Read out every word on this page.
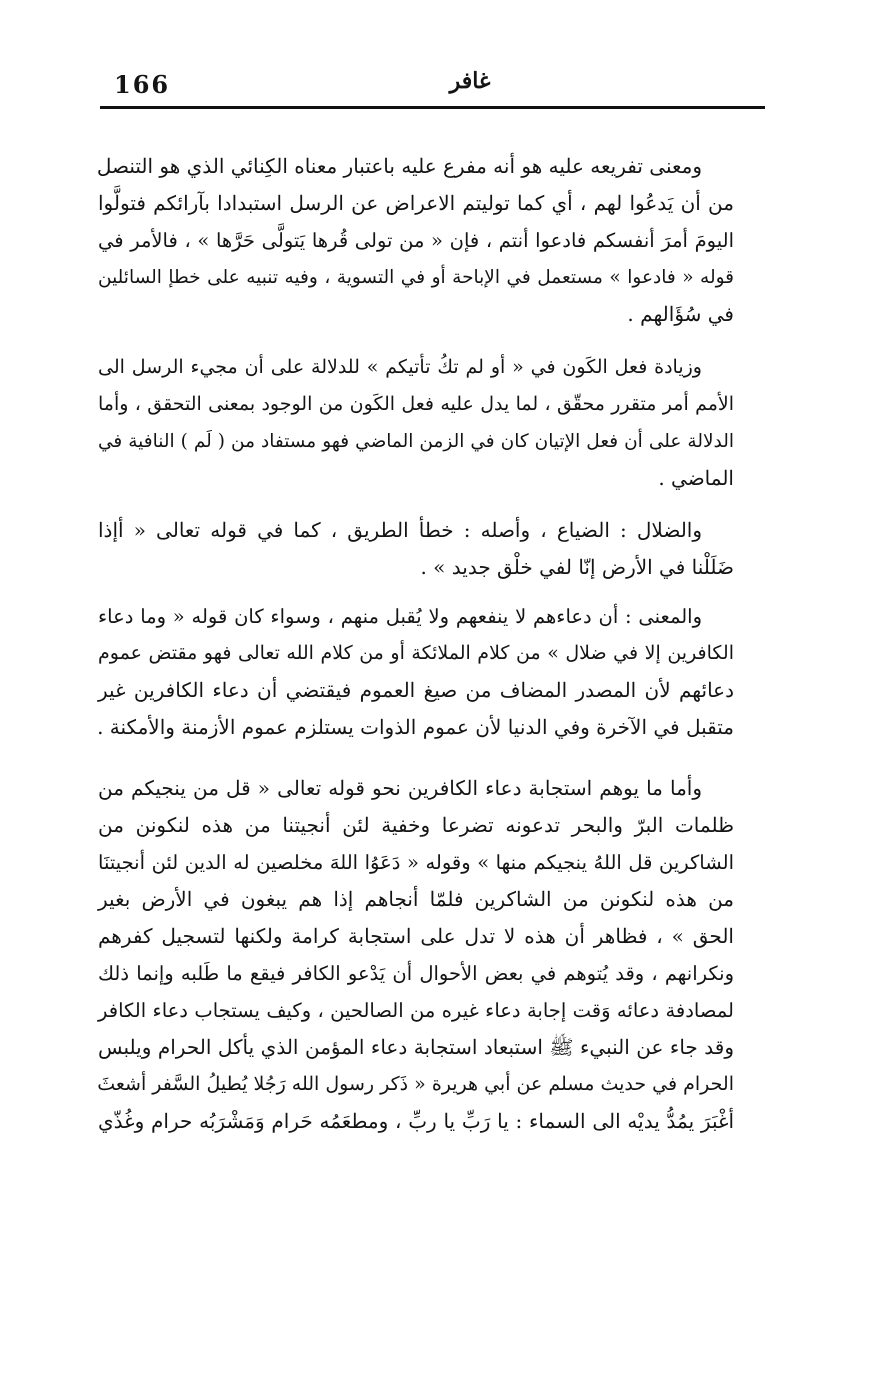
166	غافر
ومعنى تفريعه عليه هو أنه مفرع عليه باعتبار معناه الكِنائي الذي هو التنصل
من أن يَدعُوا لهم ، أي كما توليتم الاعراض عن الرسل استبدادا بآرائكم فتولَّوا
اليومَ أمرَ أنفسكم فادعوا أنتم ، فإن « من تولى قُرها يَتولَّى حَرَّها » ، فالأمر في
قوله « فادعوا » مستعمل في الإباحة أو في التسوية ، وفيه تنبيه على خطإ السائلين
في سُؤَالهم .
وزيادة فعل الكَون في « أو لم تكُ تأتيكم » للدلالة على أن مجيء الرسل الى
الأمم أمر متقرر محقّق ، لما يدل عليه فعل الكَون من الوجود بمعنى التحقق ، وأما
الدلالة على أن فعل الإتيان كان في الزمن الماضي فهو مستفاد من ( لَم ) النافية في
الماضي .
والضلال : الضياع ، وأصله : خطأ الطريق ، كما في قوله تعالى « أإذا
ضَلَلْنا في الأرض إنّا لفي خلْق جديد » .
والمعنى : أن دعاءهم لا ينفعهم ولا يُقبل منهم ، وسواء كان قوله « وما دعاء
الكافرين إلا في ضلال » من كلام الملائكة أو من كلام الله تعالى فهو مقتض عموم
دعائهم لأن المصدر المضاف من صيغ العموم فيقتضي أن دعاء الكافرين غير
متقبل في الآخرة وفي الدنيا لأن عموم الذوات يستلزم عموم الأزمنة والأمكنة .
وأما ما يوهم استجابة دعاء الكافرين نحو قوله تعالى « قل من ينجيكم من
ظلمات البرّ والبحر تدعونه تضرعا وخفية لئن أنجيتنا من هذه لنكونن من
الشاكرين قل اللهُ ينجيكم منها » وقوله « دَعَوُا اللهَ مخلصين له الدين لئن أنجيتنَا
من هذه لنكونن من الشاكرين فلمّا أنجاهم إذا هم يبغون في الأرض بغير
الحق » ، فظاهر أن هذه لا تدل على استجابة كرامة ولكنها لتسجيل كفرهم
ونكرانهم ، وقد يُتوهم في بعض الأحوال أن يَدْعو الكافر فيقع ما طَلبه وإنما ذلك
لمصادفة دعائه وَقت إجابة دعاء غيره من الصالحين ، وكيف يستجاب دعاء الكافر
وقد جاء عن النبيء ﷺ استبعاد استجابة دعاء المؤمن الذي يأكل الحرام ويلبس
الحرام في حديث مسلم عن أبي هريرة « ذَكر رسول الله رَجُلا يُطيلُ السَّفر أشعثَ
أغْبَرَ يمُدُّ يديْه الى السماء : يا رَبِّ يا ربِّ ، ومطعَمُه حَرام وَمَشْرَبُه حرام وغُذّي
